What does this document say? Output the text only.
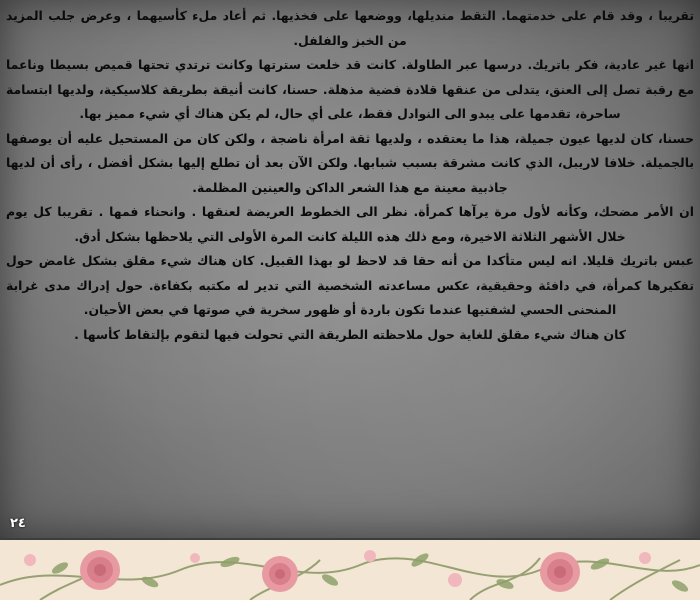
تقريبا ، وقد قام على خدمتهما. التقط منديلها، ووضعها على فخذيها. ثم أعاد ملء كأسيهما ، وعرض جلب المزيد من الخبز والفلفل.

انها غير عادية، فكر باتريك. درسها عبر الطاولة. كانت قد خلعت سترتها وكانت ترتدي تحتها قميص بسيطا وناعما مع رقبة تصل إلى العنق، يتدلى من عنقها قلادة فضية مذهلة. حسنا، كانت أنيقة بطريقة كلاسيكية، ولديها ابتسامة ساحرة، تقدمها على يبدو الى النوادل فقط، على أي حال، لم يكن هناك أي شيء مميز بها.

حسنا، كان لديها عيون جميلة، هذا ما يعتقده ، ولديها ثقة امرأة ناضجة ، ولكن كان من المستحيل عليه أن يوصفها بالجميلة. خلافا لاريبل، الذي كانت مشرقة بسبب شبابها. ولكن الآن بعد أن تطلع إليها بشكل أفضل ، رأى أن لديها جاذبية معينة مع هذا الشعر الداكن والعينين المظلمة.

ان الأمر مضحك، وكأنه لأول مرة يرآها كمرأة. نظر الى الخطوط العريضة لعنقها . وانحناء فمها . تقريبا كل يوم خلال الأشهر الثلاثة الاخيرة، ومع ذلك هذه الليلة كانت المرة الأولى التي يلاحظها بشكل أدق.

عبس باتريك قليلا. انه ليس متأكدا من أنه حقا قد لاحظ لو بهذا القبيل. كان هناك شيء مقلق بشكل غامض حول تفكيرها كمرأة، في دافئة وحقيقية، عكس مساعدته الشخصية التي تدير له مكتبه بكفاءة. حول إدراك مدى غرابة المنحنى الحسي لشفتيها عندما تكون باردة أو ظهور سخرية في صوتها في بعض الأحيان.

كان هناك شيء مقلق للغاية حول ملاحظته الطريقة التي تحولت فيها لتقوم بإلتقاط كأسها .

٢٤
